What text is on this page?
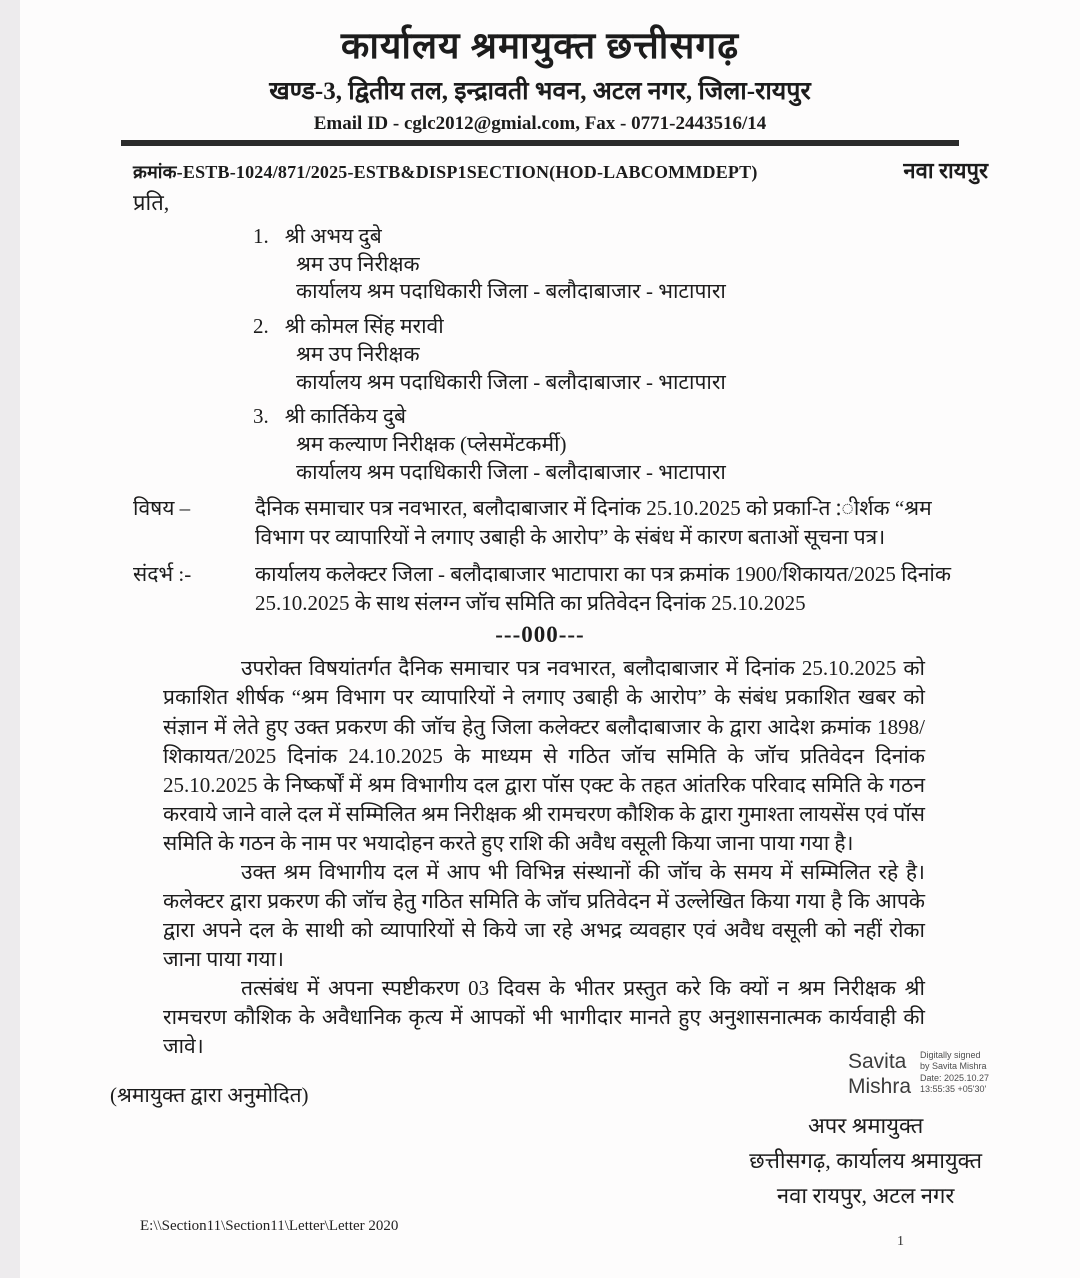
कार्यालय श्रमायुक्त छत्तीसगढ़
खण्ड-3, द्वितीय तल, इन्द्रावती भवन, अटल नगर, जिला-रायपुर
Email ID - cglc2012@gmial.com, Fax - 0771-2443516/14
क्रमांक-ESTB-1024/871/2025-ESTB&DISP1SECTION(HOD-LABCOMMDEPT)	नवा रायपुर
प्रति,
1. श्री अभय दुबे
श्रम उप निरीक्षक
कार्यालय श्रम पदाधिकारी जिला - बलौदाबाजार - भाटापारा
2. श्री कोमल सिंह मरावी
श्रम उप निरीक्षक
कार्यालय श्रम पदाधिकारी जिला - बलौदाबाजार - भाटापारा
3. श्री कार्तिकेय दुबे
श्रम कल्याण निरीक्षक (प्लेसमेंटकर्मी)
कार्यालय श्रम पदाधिकारी जिला - बलौदाबाजार - भाटापारा
विषय –	दैनिक समाचार पत्र नवभारत, बलौदाबाजार में दिनांक 25.10.2025 को प्रका-ित :ीर्शक “श्रम विभाग पर व्यापारियों ने लगाए उबाही के आरोप” के संबंध में कारण बताओं सूचना पत्र।
संदर्भ :-	कार्यालय कलेक्टर जिला - बलौदाबाजार भाटापारा का पत्र क्रमांक 1900/शिकायत/2025 दिनांक 25.10.2025 के साथ संलग्न जॉच समिति का प्रतिवेदन दिनांक 25.10.2025
---000---

उपरोक्त विषयांतर्गत दैनिक समाचार पत्र नवभारत, बलौदाबाजार में दिनांक 25.10.2025 को प्रकाशित शीर्षक “श्रम विभाग पर व्यापारियों ने लगाए उबाही के आरोप” के संबंध प्रकाशित खबर को संज्ञान में लेते हुए उक्त प्रकरण की जॉच हेतु जिला कलेक्टर बलौदाबाजार के द्वारा आदेश क्रमांक 1898/शिकायत/2025 दिनांक 24.10.2025 के माध्यम से गठित जॉच समिति के जॉच प्रतिवेदन दिनांक 25.10.2025 के निष्कर्षों में श्रम विभागीय दल द्वारा पॉस एक्ट के तहत आंतरिक परिवाद समिति के गठन करवाये जाने वाले दल में सम्मिलित श्रम निरीक्षक श्री रामचरण कौशिक के द्वारा गुमाश्ता लायसेंस एवं पॉस समिति के गठन के नाम पर भयादोहन करते हुए राशि की अवैध वसूली किया जाना पाया गया है।

उक्त श्रम विभागीय दल में आप भी विभिन्न संस्थानों की जॉच के समय में सम्मिलित रहे है। कलेक्टर द्वारा प्रकरण की जॉच हेतु गठित समिति के जॉच प्रतिवेदन में उल्लेखित किया गया है कि आपके द्वारा अपने दल के साथी को व्यापारियों से किये जा रहे अभद्र व्यवहार एवं अवैध वसूली को नहीं रोका जाना पाया गया।

तत्संबंध में अपना स्पष्टीकरण 03 दिवस के भीतर प्रस्तुत करे कि क्यों न श्रम निरीक्षक श्री रामचरण कौशिक के अवैधानिक कृत्य में आपकों भी भागीदार मानते हुए अनुशासनात्मक कार्यवाही की जावे।

(श्रमायुक्त द्वारा अनुमोदित)
Savita
Mishra
Digitally signed
by Savita Mishra
Date: 2025.10.27
13:55:35 +05'30'
अपर श्रमायुक्त
छत्तीसगढ़, कार्यालय श्रमायुक्त
नवा रायपुर, अटल नगर
E:\\Section11\Section11\Letter\Letter 2020
1
